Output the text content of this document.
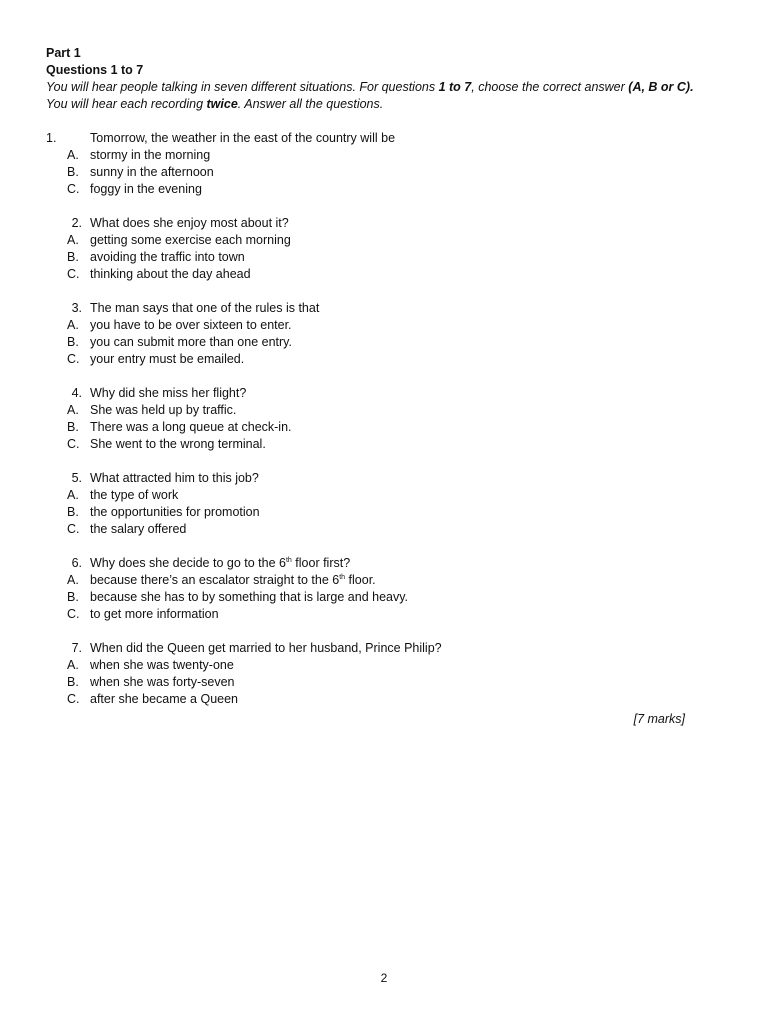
Part 1
Questions 1 to 7
You will hear people talking in seven different situations. For questions 1 to 7, choose the correct answer (A, B or C).
You will hear each recording twice. Answer all the questions.
1.	Tomorrow, the weather in the east of the country will be
A. stormy in the morning
B. sunny in the afternoon
C. foggy in the evening
2. What does she enjoy most about it?
A. getting some exercise each morning
B. avoiding the traffic into town
C. thinking about the day ahead
3. The man says that one of the rules is that
A. you have to be over sixteen to enter.
B. you can submit more than one entry.
C. your entry must be emailed.
4. Why did she miss her flight?
A. She was held up by traffic.
B. There was a long queue at check-in.
C. She went to the wrong terminal.
5. What attracted him to this job?
A. the type of work
B. the opportunities for promotion
C. the salary offered
6. Why does she decide to go to the 6th floor first?
A. because there’s an escalator straight to the 6th floor.
B. because she has to by something that is large and heavy.
C. to get more information
7. When did the Queen get married to her husband, Prince Philip?
A. when she was twenty-one
B. when she was forty-seven
C. after she became a Queen
[7 marks]
2
